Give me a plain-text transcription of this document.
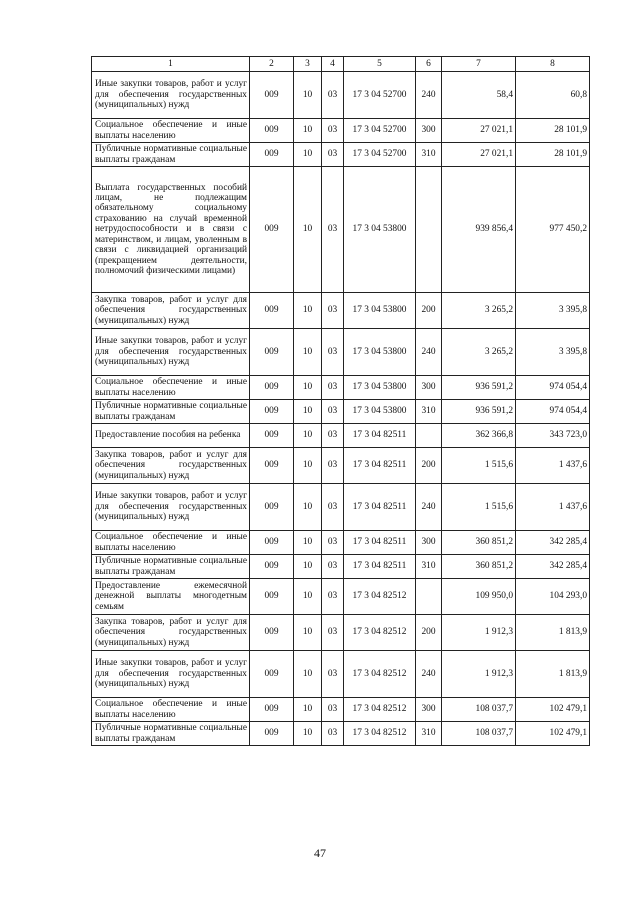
1	2	3	4	5	6	7	8
Иные закупки товаров, работ и услуг для обеспечения государственных (муниципальных) нужд	009	10	03	17 3 04 52700	240	58,4	60,8
Социальное обеспечение и иные выплаты населению	009	10	03	17 3 04 52700	300	27 021,1	28 101,9
Публичные нормативные социальные выплаты гражданам	009	10	03	17 3 04 52700	310	27 021,1	28 101,9
Выплата государственных пособий лицам, не подлежащим обязательному социальному страхованию на случай временной нетрудоспособности и в связи с материнством, и лицам, уволенным в связи с ликвидацией организаций (прекращением деятельности, полномочий физическими лицами)	009	10	03	17 3 04 53800		939 856,4	977 450,2
Закупка товаров, работ и услуг для обеспечения государственных (муниципальных) нужд	009	10	03	17 3 04 53800	200	3 265,2	3 395,8
Иные закупки товаров, работ и услуг для обеспечения государственных (муниципальных) нужд	009	10	03	17 3 04 53800	240	3 265,2	3 395,8
Социальное обеспечение и иные выплаты населению	009	10	03	17 3 04 53800	300	936 591,2	974 054,4
Публичные нормативные социальные выплаты гражданам	009	10	03	17 3 04 53800	310	936 591,2	974 054,4
Предоставление пособия на ребенка	009	10	03	17 3 04 82511		362 366,8	343 723,0
Закупка товаров, работ и услуг для обеспечения государственных (муниципальных) нужд	009	10	03	17 3 04 82511	200	1 515,6	1 437,6
Иные закупки товаров, работ и услуг для обеспечения государственных (муниципальных) нужд	009	10	03	17 3 04 82511	240	1 515,6	1 437,6
Социальное обеспечение и иные выплаты населению	009	10	03	17 3 04 82511	300	360 851,2	342 285,4
Публичные нормативные социальные выплаты гражданам	009	10	03	17 3 04 82511	310	360 851,2	342 285,4
Предоставление ежемесячной денежной выплаты многодетным семьям	009	10	03	17 3 04 82512		109 950,0	104 293,0
Закупка товаров, работ и услуг для обеспечения государственных (муниципальных) нужд	009	10	03	17 3 04 82512	200	1 912,3	1 813,9
Иные закупки товаров, работ и услуг для обеспечения государственных (муниципальных) нужд	009	10	03	17 3 04 82512	240	1 912,3	1 813,9
Социальное обеспечение и иные выплаты населению	009	10	03	17 3 04 82512	300	108 037,7	102 479,1
Публичные нормативные социальные выплаты гражданам	009	10	03	17 3 04 82512	310	108 037,7	102 479,1
47
